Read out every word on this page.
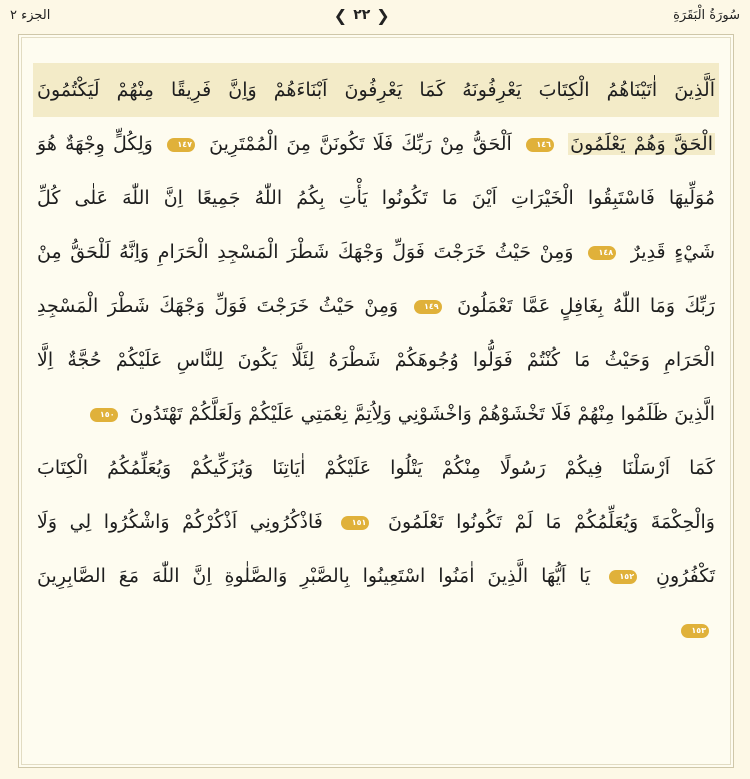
الجزء ٢	❮ ٢٢ ❯	سُورَةُ الْبَقَرَةِ
اَلَّذِينَ اٰتَيْنَاهُمُ الْكِتَابَ يَعْرِفُونَهُ كَمَا يَعْرِفُونَ اَبْنَاءَهُمْ وَاِنَّ فَرِيقًا مِنْهُمْ لَيَكْتُمُونَ
الْحَقَّ وَهُمْ يَعْلَمُونَ ١٤٦ اَلْحَقُّ مِنْ رَبِّكَ فَلَا تَكُونَنَّ مِنَ الْمُمْتَرِينَ ١٤٧ وَلِكُلٍّ وِجْهَةٌ هُوَ
مُوَلِّيهَا فَاسْتَبِقُوا الْخَيْرَاتِ اَيْنَ مَا تَكُونُوا يَأْتِ بِكُمُ اللّٰهُ جَمِيعًا اِنَّ اللّٰهَ عَلٰى كُلِّ
شَيْءٍ قَدِيرٌ ١٤٨ وَمِنْ حَيْثُ خَرَجْتَ فَوَلِّ وَجْهَكَ شَطْرَ الْمَسْجِدِ الْحَرَامِ وَاِنَّهُ لَلْحَقُّ مِنْ
رَبِّكَ وَمَا اللّٰهُ بِغَافِلٍ عَمَّا تَعْمَلُونَ ١٤٩ وَمِنْ حَيْثُ خَرَجْتَ فَوَلِّ وَجْهَكَ شَطْرَ الْمَسْجِدِ
الْحَرَامِ وَحَيْثُ مَا كُنْتُمْ فَوَلُّوا وُجُوهَكُمْ شَطْرَهُ لِئَلَّا يَكُونَ لِلنَّاسِ عَلَيْكُمْ حُجَّةٌ اِلَّا
الَّذِينَ ظَلَمُوا مِنْهُمْ فَلَا تَخْشَوْهُمْ وَاخْشَوْنِي وَلِاُتِمَّ نِعْمَتِي عَلَيْكُمْ وَلَعَلَّكُمْ تَهْتَدُونَ ١٥٠
كَمَا اَرْسَلْنَا فِيكُمْ رَسُولًا مِنْكُمْ يَتْلُوا عَلَيْكُمْ اٰيَاتِنَا وَيُزَكِّيكُمْ وَيُعَلِّمُكُمُ الْكِتَابَ
وَالْحِكْمَةَ وَيُعَلِّمُكُمْ مَا لَمْ تَكُونُوا تَعْلَمُونَ ١٥١ فَاذْكُرُونِي اَذْكُرْكُمْ وَاشْكُرُوا لِي وَلَا
تَكْفُرُونِ ١٥٢ يَا اَيُّهَا الَّذِينَ اٰمَنُوا اسْتَعِينُوا بِالصَّبْرِ وَالصَّلٰوةِ اِنَّ اللّٰهَ مَعَ الصَّابِرِينَ
١٥٣
